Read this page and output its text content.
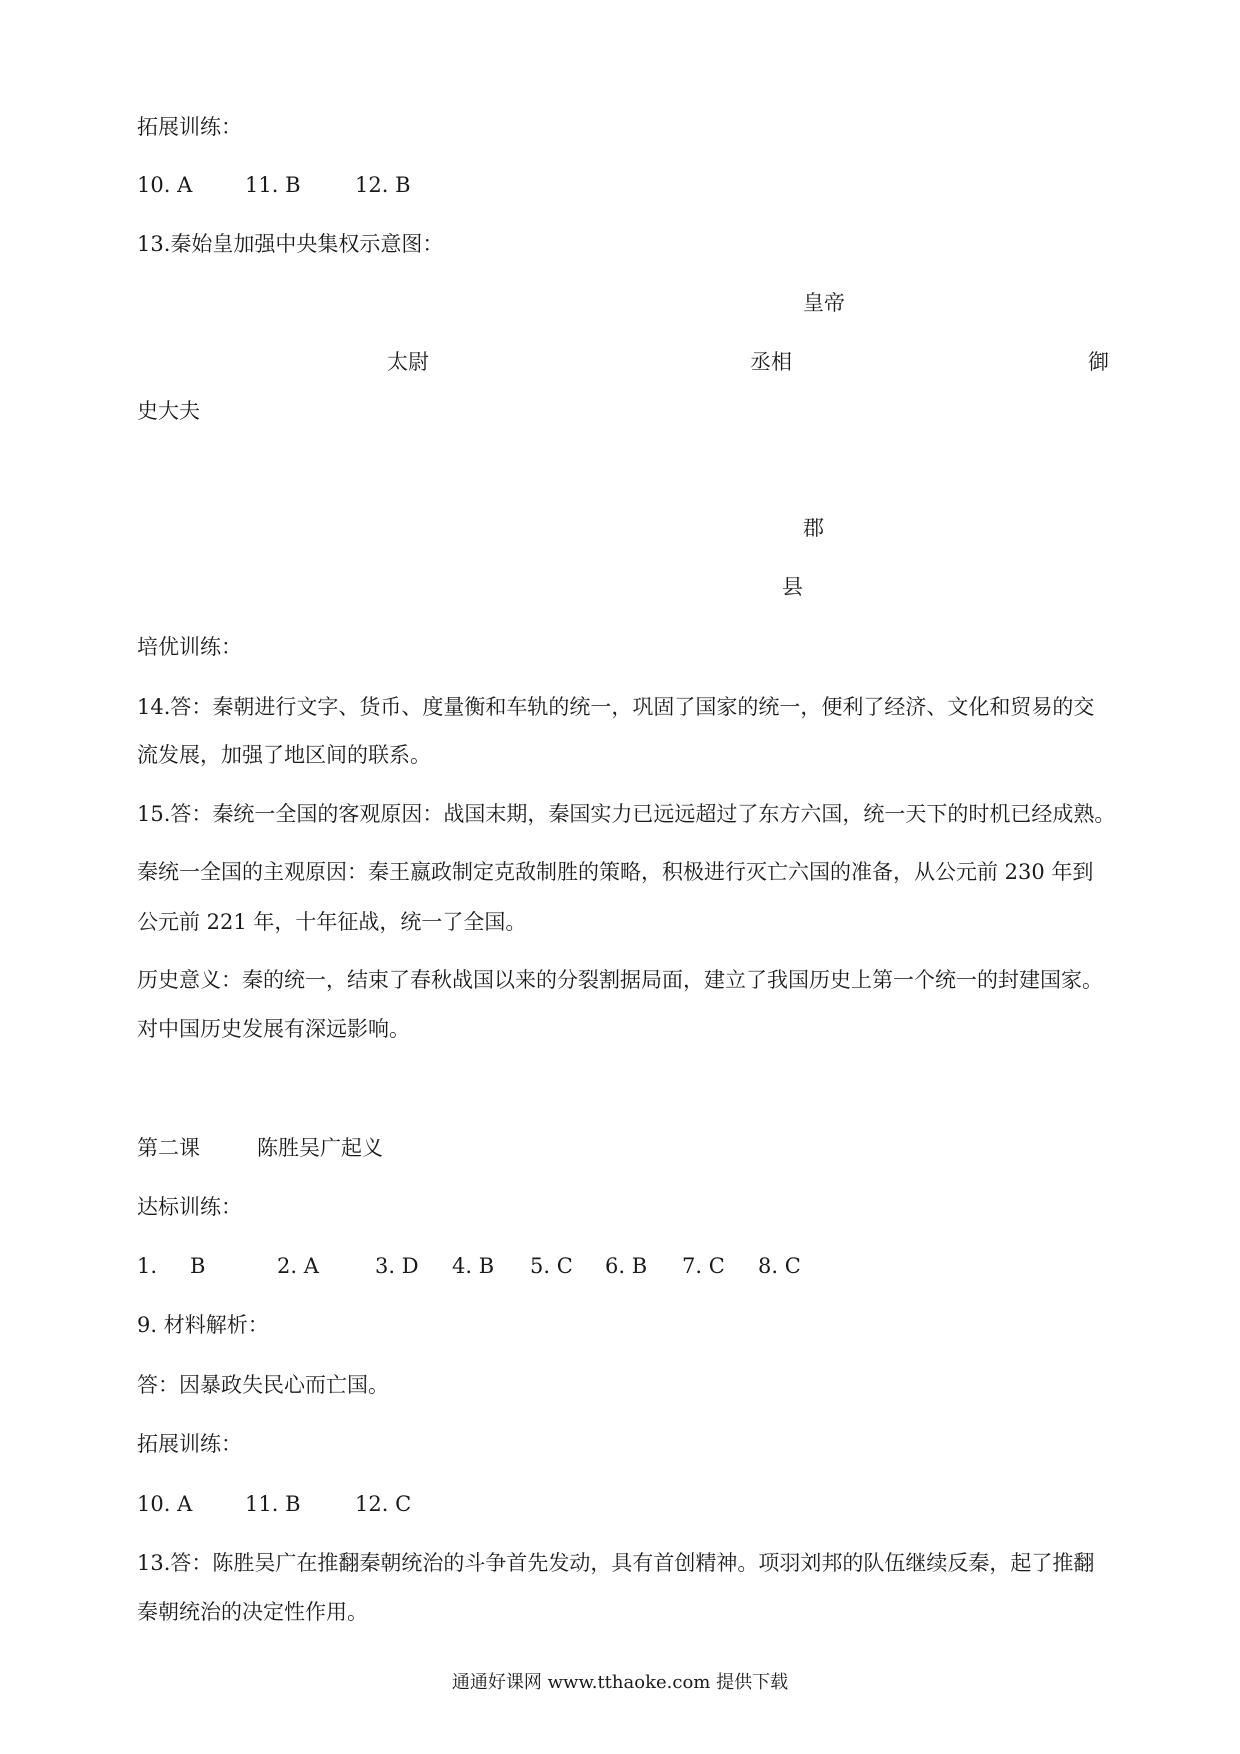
拓展训练：
10. A	11. B	12. B
13.秦始皇加强中央集权示意图：
皇帝
太尉	丞相	御
史大夫
郡
县
培优训练：
14.答：秦朝进行文字、货币、度量衡和车轨的统一，巩固了国家的统一，便利了经济、文化和贸易的交
流发展，加强了地区间的联系。
15.答：秦统一全国的客观原因：战国末期，秦国实力已远远超过了东方六国，统一天下的时机已经成熟。
秦统一全国的主观原因：秦王嬴政制定克敌制胜的策略，积极进行灭亡六国的准备，从公元前 230 年到
公元前 221 年，十年征战，统一了全国。
历史意义：秦的统一，结束了春秋战国以来的分裂割据局面，建立了我国历史上第一个统一的封建国家。
对中国历史发展有深远影响。
第二课	陈胜吴广起义
达标训练：
1. B	2. A	3. D 4. B 5. C 6. B 7. C 8. C
9. 材料解析：
答：因暴政失民心而亡国。
拓展训练：
10. A	11. B	12. C
13.答：陈胜吴广在推翻秦朝统治的斗争首先发动，具有首创精神。项羽刘邦的队伍继续反秦，起了推翻
秦朝统治的决定性作用。
通通好课网 www.tthaoke.com 提供下载
